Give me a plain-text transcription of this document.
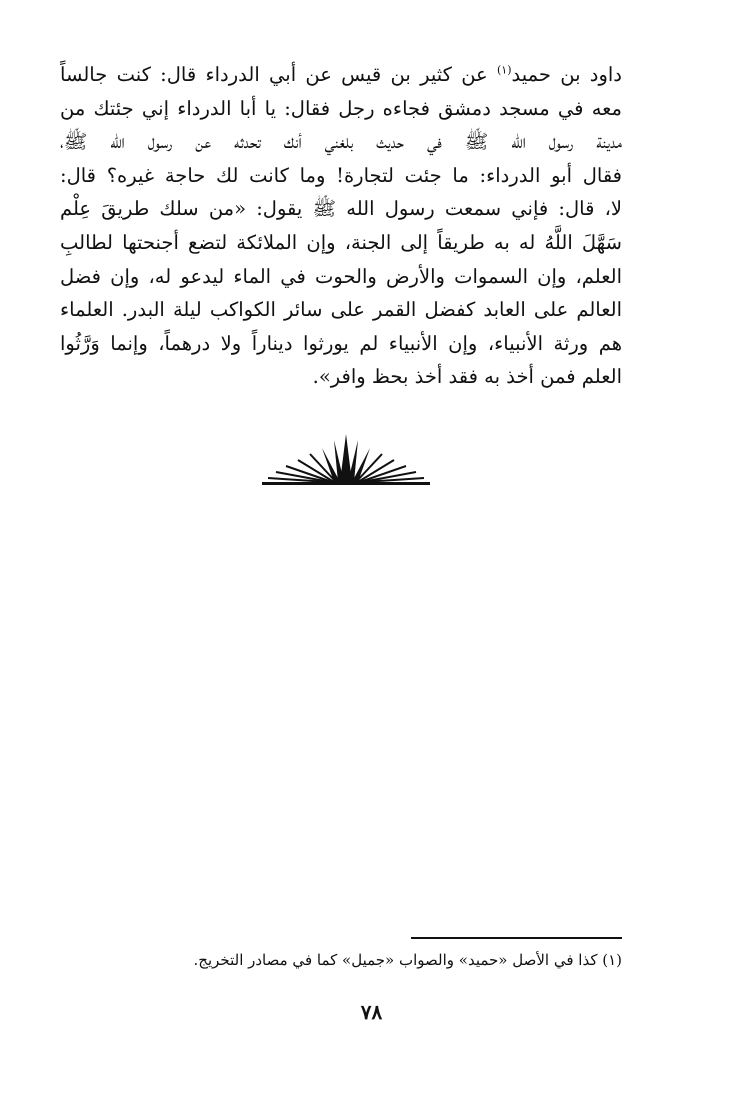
داود بن حميد$^{(١)}$ عن كثير بن قيس عن أبي الدرداء قال: كنت جالساً
معه في مسجد دمشق فجاءه رجل فقال: يا أبا الدرداء إني جئتك من
مدينة رسول الله ﷺ في حديث بلغني أنك تحدثه عن رسول الله ﷺ،
فقال أبو الدرداء: ما جئت لتجارة! وما كانت لك حاجة غيره؟ قال:
لا، قال: فإني سمعت رسول الله ﷺ يقول: «من سلك طريقَ عِلْم
سَهَّلَ اللَّهُ له به طريقاً إلى الجنة، وإن الملائكة لتضع أجنحتها لطالبِ
العلم، وإن السموات والأرض والحوت في الماء ليدعو له، وإن فضل
العالم على العابد كفضل القمر على سائر الكواكب ليلة البدر. العلماء
هم ورثة الأنبياء، وإن الأنبياء لم يورثوا ديناراً ولا درهماً، وإنما وَرَّثُوا
العلم فمن أخذ به فقد أخذ بحظ وافر».
(١) كذا في الأصل «حميد» والصواب «جميل» كما في مصادر التخريج.
٧٨
